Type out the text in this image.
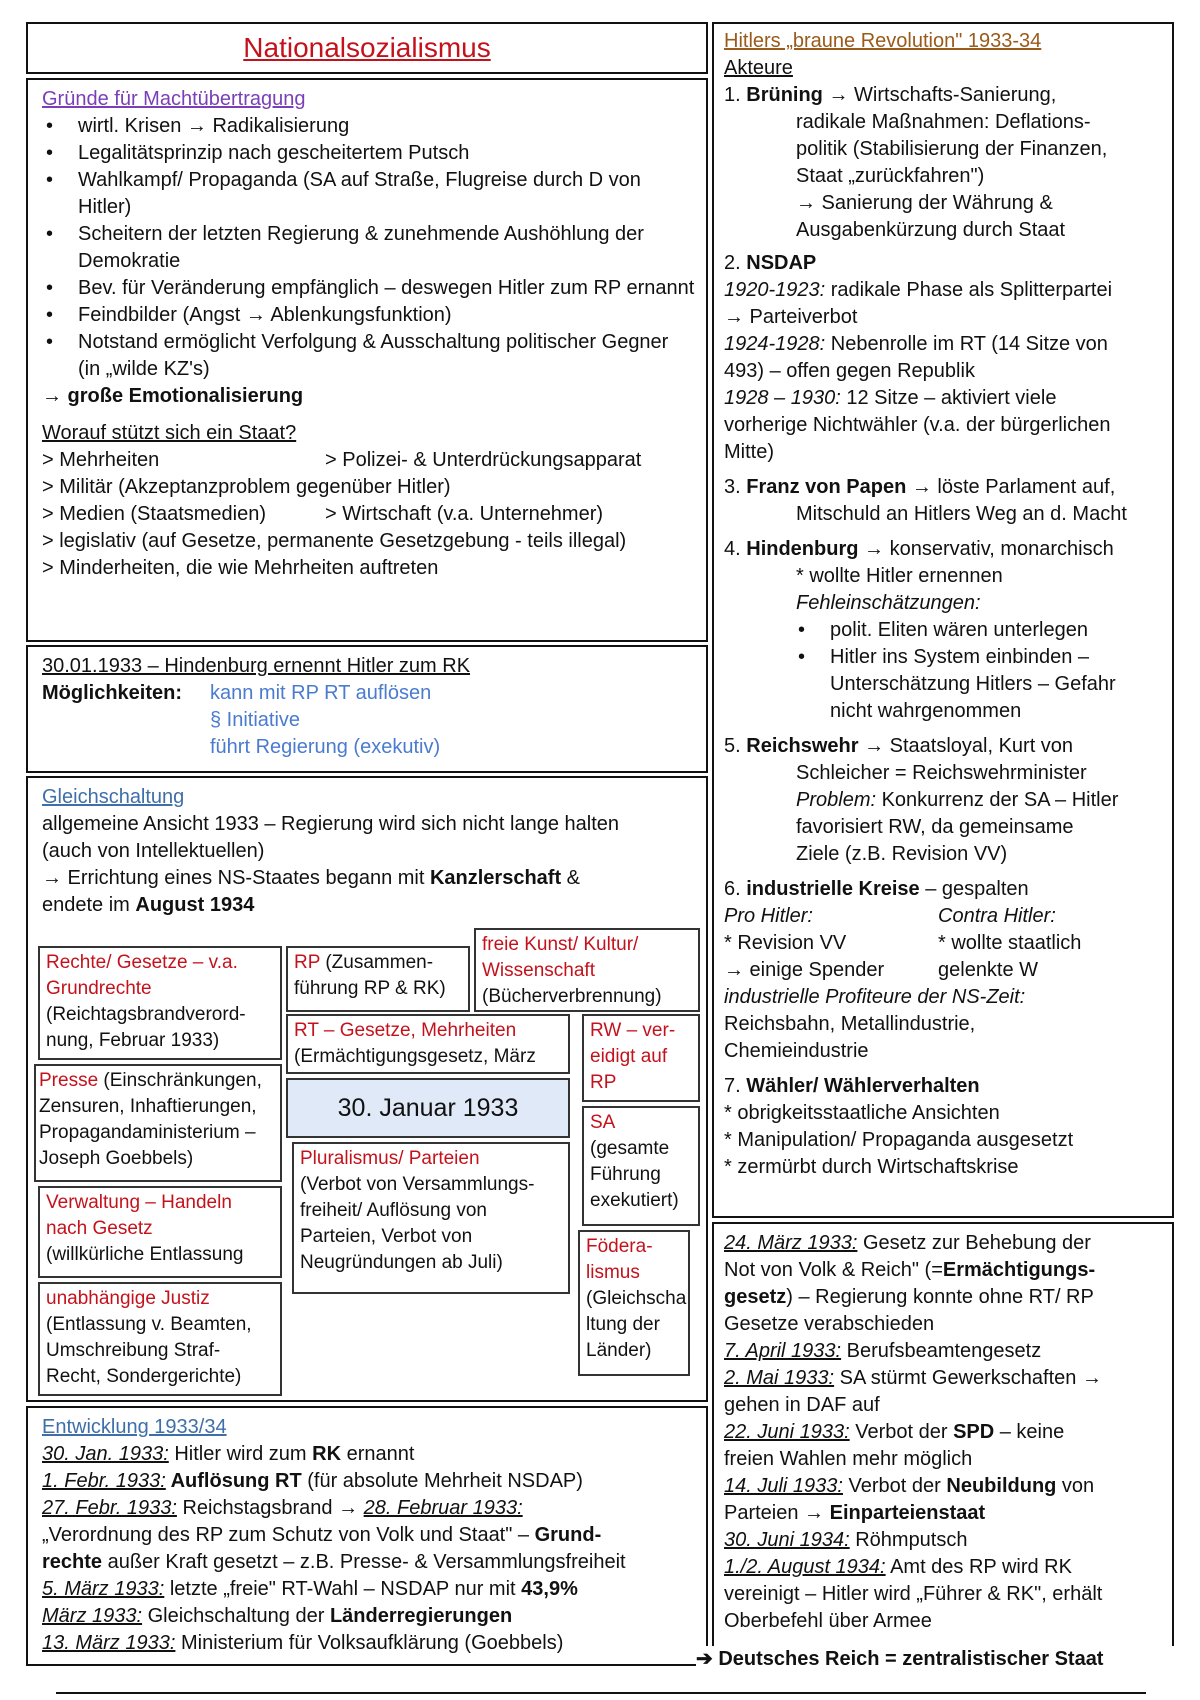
Nationalsozialismus
Gründe für Machtübertragung
• wirtl. Krisen → Radikalisierung
• Legalitätsprinzip nach gescheitertem Putsch
• Wahlkampf/ Propaganda (SA auf Straße, Flugreise durch D von Hitler)
• Scheitern der letzten Regierung & zunehmende Aushöhlung der Demokratie
• Bev. für Veränderung empfänglich – deswegen Hitler zum RP ernannt
• Feindbilder (Angst → Ablenkungsfunktion)
• Notstand ermöglicht Verfolgung & Ausschaltung politischer Gegner (in „wilde KZ's)
→ große Emotionalisierung
Worauf stützt sich ein Staat?
> Mehrheiten	> Polizei- & Unterdrückungsapparat
> Militär (Akzeptanzproblem gegenüber Hitler)
> Medien (Staatsmedien)	> Wirtschaft (v.a. Unternehmer)
> legislativ (auf Gesetze, permanente Gesetzgebung - teils illegal)
> Minderheiten, die wie Mehrheiten auftreten
30.01.1933 – Hindenburg ernennt Hitler zum RK
Möglichkeiten:	kann mit RP RT auflösen
§ Initiative
führt Regierung (exekutiv)
Gleichschaltung
allgemeine Ansicht 1933 – Regierung wird sich nicht lange halten
(auch von Intellektuellen)
→ Errichtung eines NS-Staates begann mit Kanzlerschaft &
endete im August 1934
Rechte/ Gesetze – v.a. Grundrechte
(Reichtagsbrandverord-nung, Februar 1933)
RP (Zusammen-führung RP & RK)
freie Kunst/ Kultur/ Wissenschaft
(Bücherverbrennung)
RT – Gesetze, Mehrheiten
(Ermächtigungsgesetz, März
RW – ver-eidigt auf RP
Presse (Einschränkungen, Zensuren, Inhaftierungen, Propagandaministerium – Joseph Goebbels)
30. Januar 1933
SA
(gesamte Führung exekutiert)
Pluralismus/ Parteien
(Verbot von Versammlungs-freiheit/ Auflösung von Parteien, Verbot von Neugründungen ab Juli)
Verwaltung – Handeln nach Gesetz
(willkürliche Entlassung	Födera-lismus
(Gleichscha ltung der Länder)
unabhängige Justiz
(Entlassung v. Beamten, Umschreibung Straf-Recht, Sondergerichte)
Entwicklung 1933/34
30. Jan. 1933: Hitler wird zum RK ernannt
1. Febr. 1933: Auflösung RT (für absolute Mehrheit NSDAP)
27. Febr. 1933: Reichstagsbrand → 28. Februar 1933:
„Verordnung des RP zum Schutz von Volk und Staat" – Grund-
rechte außer Kraft gesetzt – z.B. Presse- & Versammlungsfreiheit
5. März 1933: letzte „freie" RT-Wahl – NSDAP nur mit 43,9%
März 1933: Gleichschaltung der Länderregierungen
13. März 1933: Ministerium für Volksaufklärung (Goebbels)
Hitlers „braune Revolution" 1933-34
Akteure
1. Brüning → Wirtschafts-Sanierung,
radikale Maßnahmen: Deflations-
politik (Stabilisierung der Finanzen,
Staat „zurückfahren")
→ Sanierung der Währung &
Ausgabenkürzung durch Staat
2. NSDAP
1920-1923: radikale Phase als Splitterpartei
→ Parteiverbot
1924-1928: Nebenrolle im RT (14 Sitze von
493) – offen gegen Republik
1928 – 1930: 12 Sitze – aktiviert viele
vorherige Nichtwähler (v.a. der bürgerlichen
Mitte)
3. Franz von Papen → löste Parlament auf,
Mitschuld an Hitlers Weg an d. Macht
4. Hindenburg → konservativ, monarchisch
* wollte Hitler ernennen
Fehleinschätzungen:
• polit. Eliten wären unterlegen
• Hitler ins System einbinden – Unterschätzung Hitlers – Gefahr nicht wahrgenommen
5. Reichswehr → Staatsloyal, Kurt von
Schleicher = Reichswehrminister
Problem: Konkurrenz der SA – Hitler
favorisiert RW, da gemeinsame
Ziele (z.B. Revision VV)
6. industrielle Kreise – gespalten
Pro Hitler:	Contra Hitler:
* Revision VV	* wollte staatlich
→ einige Spender	gelenkte W
industrielle Profiteure der NS-Zeit:
Reichsbahn, Metallindustrie,
Chemieindustrie
7. Wähler/ Wählerverhalten
* obrigkeitsstaatliche Ansichten
* Manipulation/ Propaganda ausgesetzt
* zermürbt durch Wirtschaftskrise
24. März 1933: Gesetz zur Behebung der
Not von Volk & Reich" (=Ermächtigungs-
gesetz) – Regierung konnte ohne RT/ RP
Gesetze verabschieden
7. April 1933: Berufsbeamtengesetz
2. Mai 1933: SA stürmt Gewerkschaften →
gehen in DAF auf
22. Juni 1933: Verbot der SPD – keine
freien Wahlen mehr möglich
14. Juli 1933: Verbot der Neubildung von
Parteien → Einparteienstaat
30. Juni 1934: Röhmputsch
1./2. August 1934: Amt des RP wird RK
vereinigt – Hitler wird „Führer & RK", erhält
Oberbefehl über Armee
➔ Deutsches Reich = zentralistischer Staat
